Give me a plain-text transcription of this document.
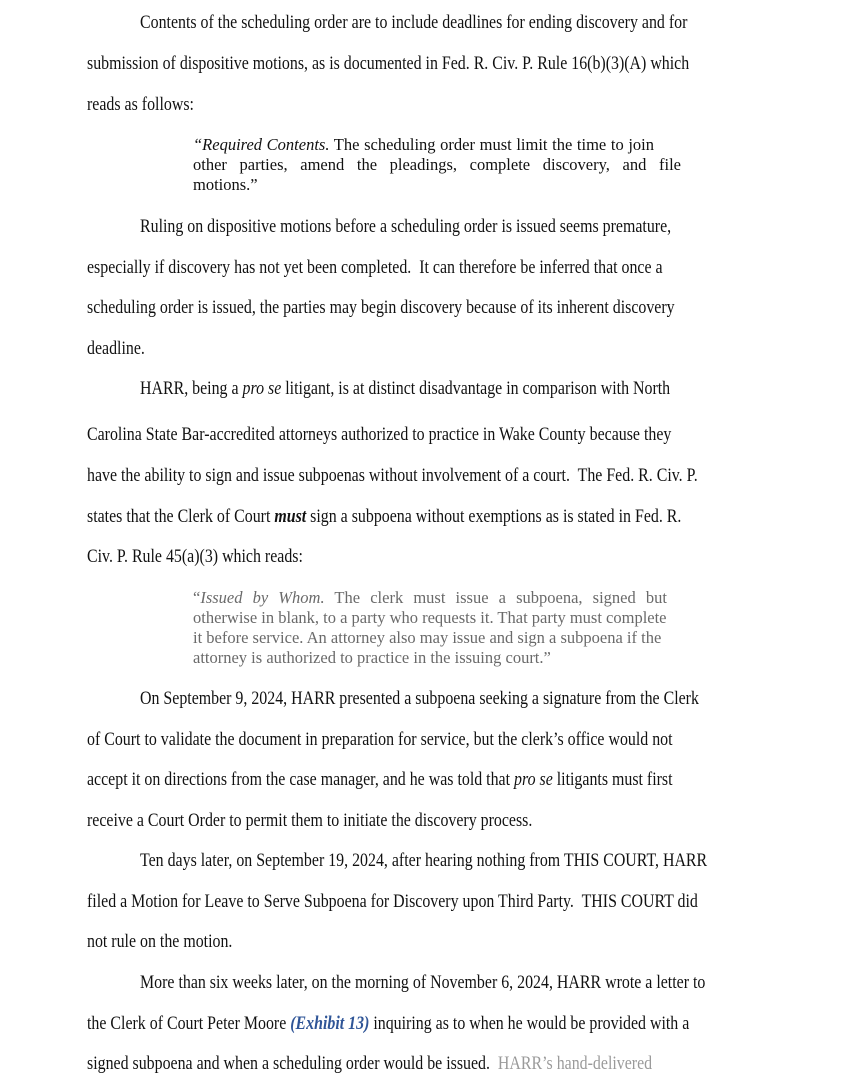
Contents of the scheduling order are to include deadlines for ending discovery and for
submission of dispositive motions, as is documented in Fed. R. Civ. P. Rule 16(b)(3)(A) which
reads as follows:
“Required Contents. The scheduling order must limit the time to join
other parties, amend the pleadings, complete discovery, and file
motions.”
Ruling on dispositive motions before a scheduling order is issued seems premature,
especially if discovery has not yet been completed.  It can therefore be inferred that once a
scheduling order is issued, the parties may begin discovery because of its inherent discovery
deadline.
HARR, being a pro se litigant, is at distinct disadvantage in comparison with North
Carolina State Bar-accredited attorneys authorized to practice in Wake County because they
have the ability to sign and issue subpoenas without involvement of a court.  The Fed. R. Civ. P.
states that the Clerk of Court must sign a subpoena without exemptions as is stated in Fed. R.
Civ. P. Rule 45(a)(3) which reads:
“Issued by Whom. The clerk must issue a subpoena, signed but
otherwise in blank, to a party who requests it. That party must complete
it before service. An attorney also may issue and sign a subpoena if the
attorney is authorized to practice in the issuing court.”
On September 9, 2024, HARR presented a subpoena seeking a signature from the Clerk
of Court to validate the document in preparation for service, but the clerk’s office would not
accept it on directions from the case manager, and he was told that pro se litigants must first
receive a Court Order to permit them to initiate the discovery process.
Ten days later, on September 19, 2024, after hearing nothing from THIS COURT, HARR
filed a Motion for Leave to Serve Subpoena for Discovery upon Third Party.  THIS COURT did
not rule on the motion.
More than six weeks later, on the morning of November 6, 2024, HARR wrote a letter to
the Clerk of Court Peter Moore (Exhibit 13) inquiring as to when he would be provided with a
signed subpoena and when a scheduling order would be issued.  HARR’s hand-delivered
